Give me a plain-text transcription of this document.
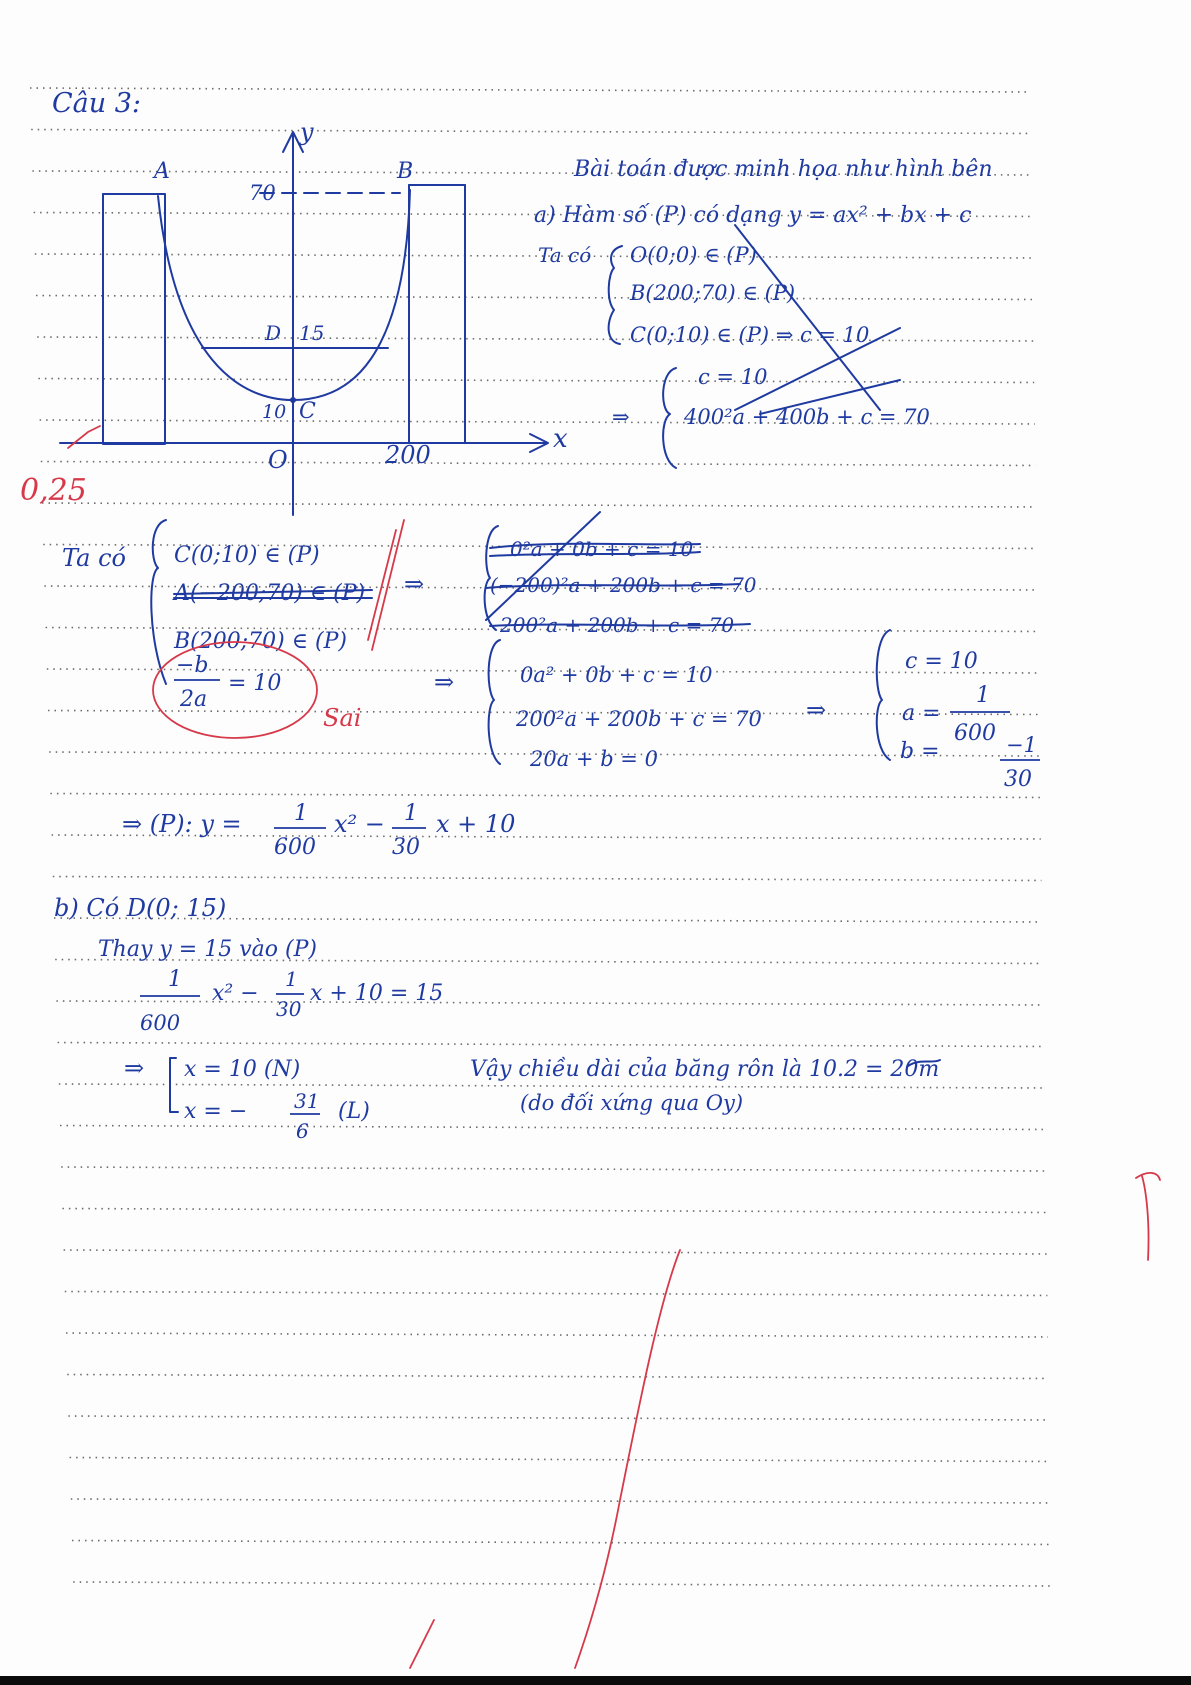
Câu 3:
y
x
A	B
70
D 15
10 C
O	200
0,25
Bài toán được minh họa như hình bên
a) Hàm số (P) có dạng y = ax² + bx + c
Ta có O(0;0) ∈ (P)
B(200;70) ∈ (P)
C(0;10) ∈ (P) ⇒ c = 10
⇒
c = 10
400²a + 400b + c = 70
Ta có C(0;10) ∈ (P)
A(−200;70) ∈ (P)
B(200;70) ∈ (P)
−b
2a
= 10
⇒
Sai
0²a + 0b + c = 10
(−200)²a + 200b + c = 70
200²a + 200b + c = 70
⇒	0a² + 0b + c = 10
200²a + 200b + c = 70
20a + b = 0
⇒
c = 10
a =
1
600
b =	−1
30
⇒ (P): y = 1
600
x² − 1
30
x + 10
b) Có D(0; 15)
Thay y = 15 vào (P)
1
600
x² −
1
30
x + 10 = 15
⇒ x = 10 (N)
x = − 31
6
(L)
Vậy chiều dài của băng rôn là 10.2 = 20m
(do đối xứng qua Oy)
